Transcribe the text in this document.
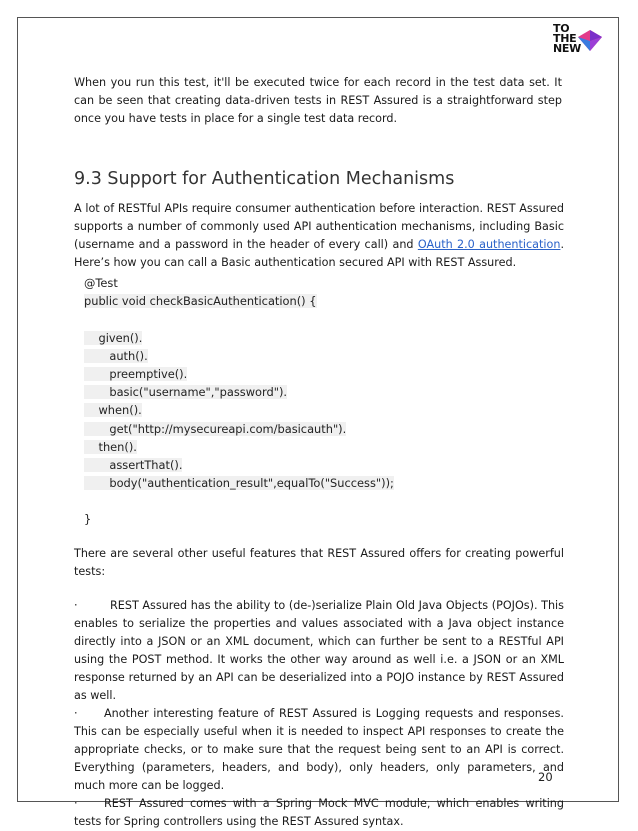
TO
THE
NEW

When you run this test, it'll be executed twice for each record in the test data set. It can be seen that creating data-driven tests in REST Assured is a straightforward step once you have tests in place for a single test data record.

9.3 Support for Authentication Mechanisms

A lot of RESTful APIs require consumer authentication before interaction. REST Assured supports a number of commonly used API authentication mechanisms, including Basic (username and a password in the header of every call) and OAuth 2.0 authentication. Here’s how you can call a Basic authentication secured API with REST Assured.

@Test
public void checkBasicAuthentication() {
given().
auth().
preemptive().
basic("username","password").
when().
get("http://mysecureapi.com/basicauth").
then().
assertThat().
body("authentication_result",equalTo("Success"));
}

There are several other useful features that REST Assured offers for creating powerful tests:

·	REST Assured has the ability to (de-)serialize Plain Old Java Objects (POJOs). This enables to serialize the properties and values associated with a Java object instance directly into a JSON or an XML document, which can further be sent to a RESTful API using the POST method. It works the other way around as well i.e. a JSON or an XML response returned by an API can be deserialized into a POJO instance by REST Assured as well.

· Another interesting feature of REST Assured is Logging requests and responses. This can be especially useful when it is needed to inspect API responses to create the appropriate checks, or to make sure that the request being sent to an API is correct. Everything (parameters, headers, and body), only headers, only parameters, and much more can be logged.

· REST Assured comes with a Spring Mock MVC module, which enables writing tests for Spring controllers using the REST Assured syntax.

20
